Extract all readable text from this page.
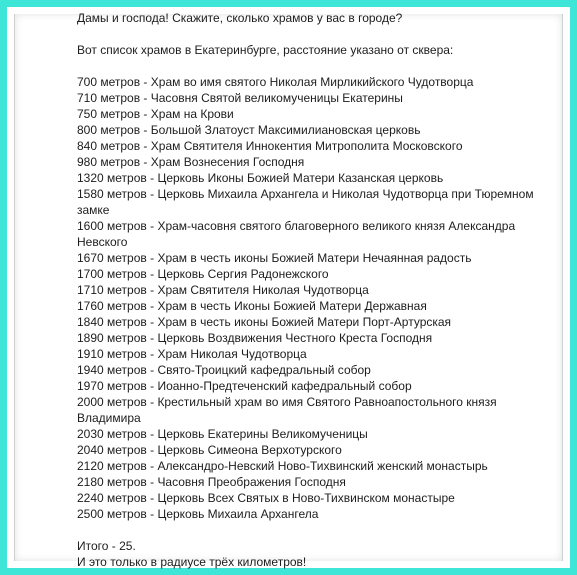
Дамы и господа! Скажите, сколько храмов у вас в городе?
Вот список храмов в Екатеринбурге, расстояние указано от сквера:
700 метров - Храм во имя святого Николая Мирликийского Чудотворца
710 метров - Часовня Святой великомученицы Екатерины
750 метров - Храм на Крови
800 метров - Большой Златоуст Максимилиановская церковь
840 метров - Храм Святителя Иннокентия Митрополита Московского
980 метров - Храм Вознесения Господня
1320 метров - Церковь Иконы Божией Матери Казанская церковь
1580 метров - Церковь Михаила Архангела и Николая Чудотворца при Тюремном замке
1600 метров - Храм-часовня святого благоверного великого князя Александра Невского
1670 метров - Храм в честь иконы Божией Матери Нечаянная радость
1700 метров - Церковь Сергия Радонежского
1710 метров - Храм Святителя Николая Чудотворца
1760 метров - Храм в честь Иконы Божией Матери Державная
1840 метров - Храм в честь иконы Божией Матери Порт-Артурская
1890 метров - Церковь Воздвижения Честного Креста Господня
1910 метров - Храм Николая Чудотворца
1940 метров - Свято-Троицкий кафедральный собор
1970 метров - Иоанно-Предтеченский кафедральный собор
2000 метров - Крестильный храм во имя Святого Равноапостольного князя Владимира
2030 метров - Церковь Екатерины Великомученицы
2040 метров - Церковь Симеона Верхотурского
2120 метров - Александро-Невский Ново-Тихвинский женский монастырь
2180 метров - Часовня Преображения Господня
2240 метров - Церковь Всех Святых в Ново-Тихвинском монастыре
2500 метров - Церковь Михаила Архангела
Итого - 25.
И это только в радиусе трёх километров!
